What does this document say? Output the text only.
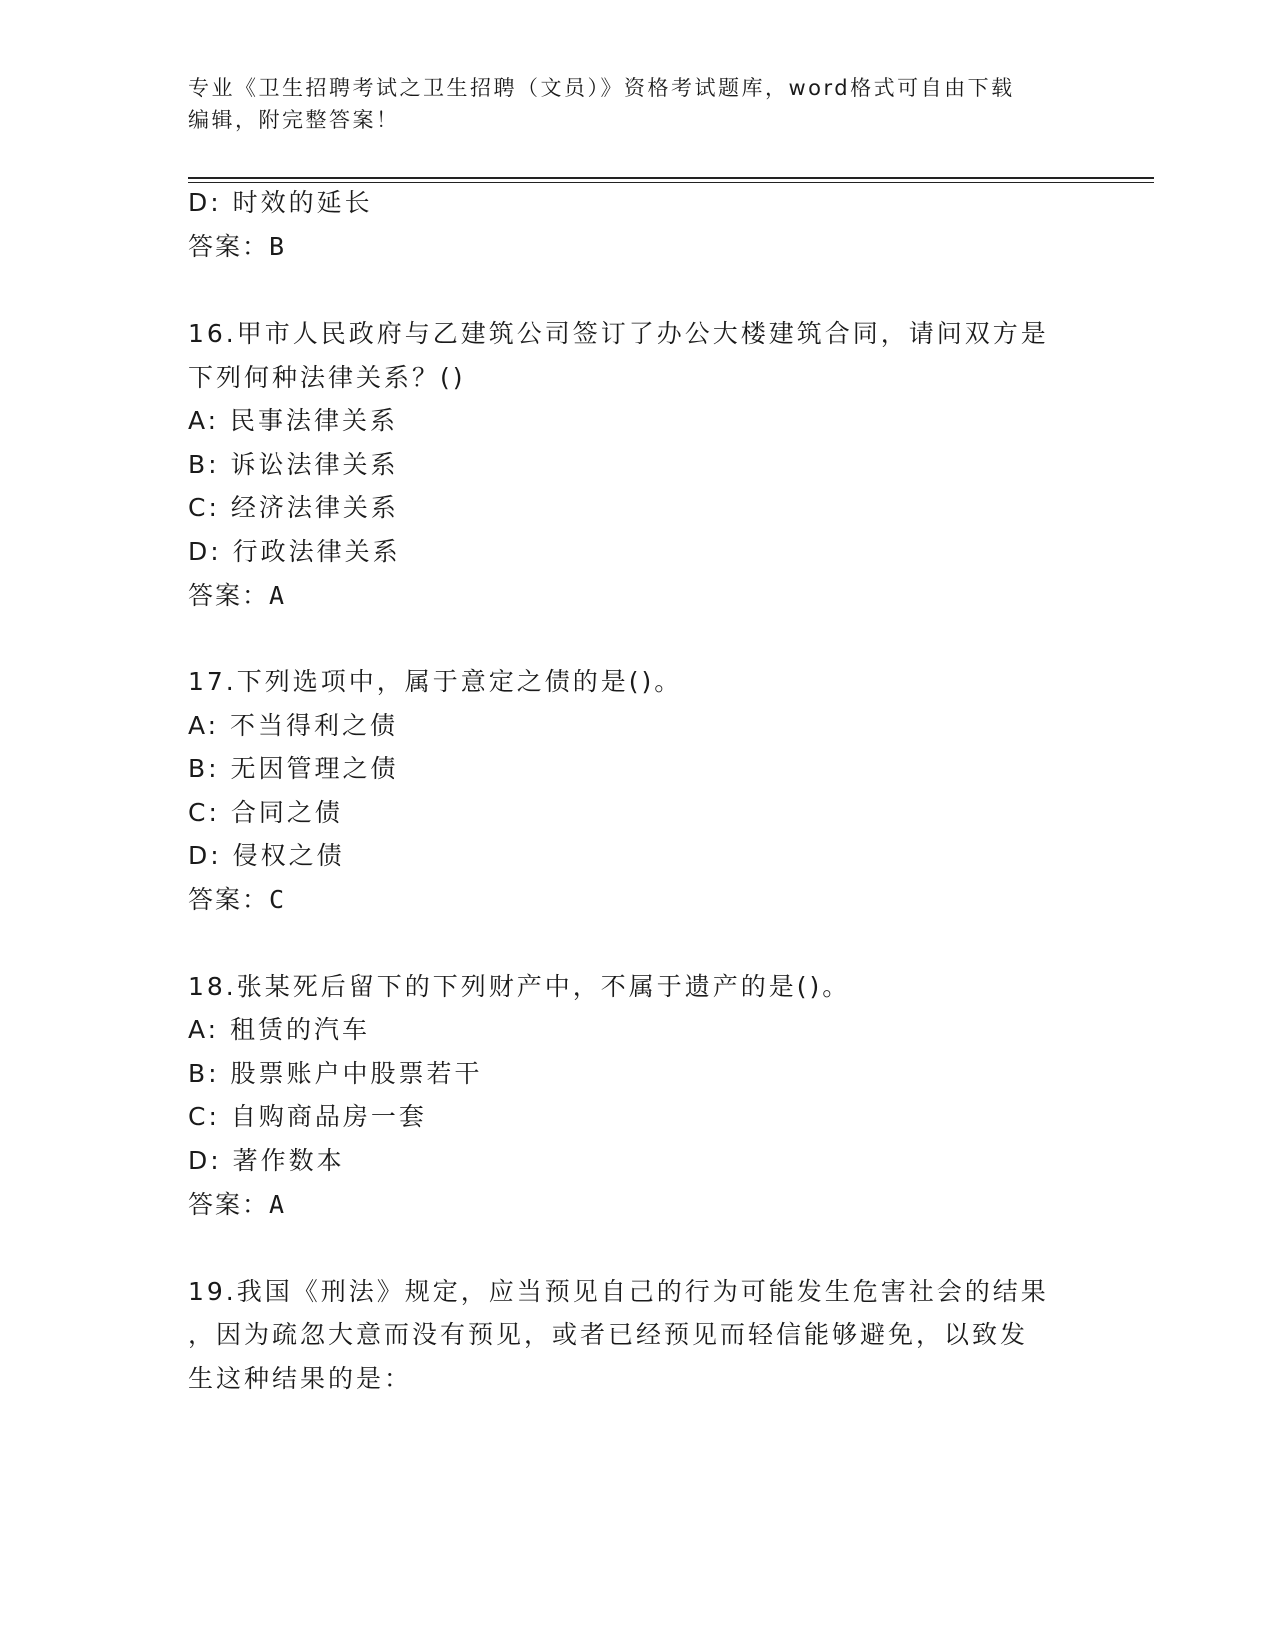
专业《卫生招聘考试之卫生招聘（文员）》资格考试题库，word格式可自由下载
编辑，附完整答案！
D: 时效的延长
答案：B
16.甲市人民政府与乙建筑公司签订了办公大楼建筑合同，请问双方是
下列何种法律关系？()
A: 民事法律关系
B: 诉讼法律关系
C: 经济法律关系
D: 行政法律关系
答案：A
17.下列选项中，属于意定之债的是()。
A: 不当得利之债
B: 无因管理之债
C: 合同之债
D: 侵权之债
答案：C
18.张某死后留下的下列财产中，不属于遗产的是()。
A: 租赁的汽车
B: 股票账户中股票若干
C: 自购商品房一套
D: 著作数本
答案：A
19.我国《刑法》规定，应当预见自己的行为可能发生危害社会的结果
，因为疏忽大意而没有预见，或者已经预见而轻信能够避免，以致发
生这种结果的是：
